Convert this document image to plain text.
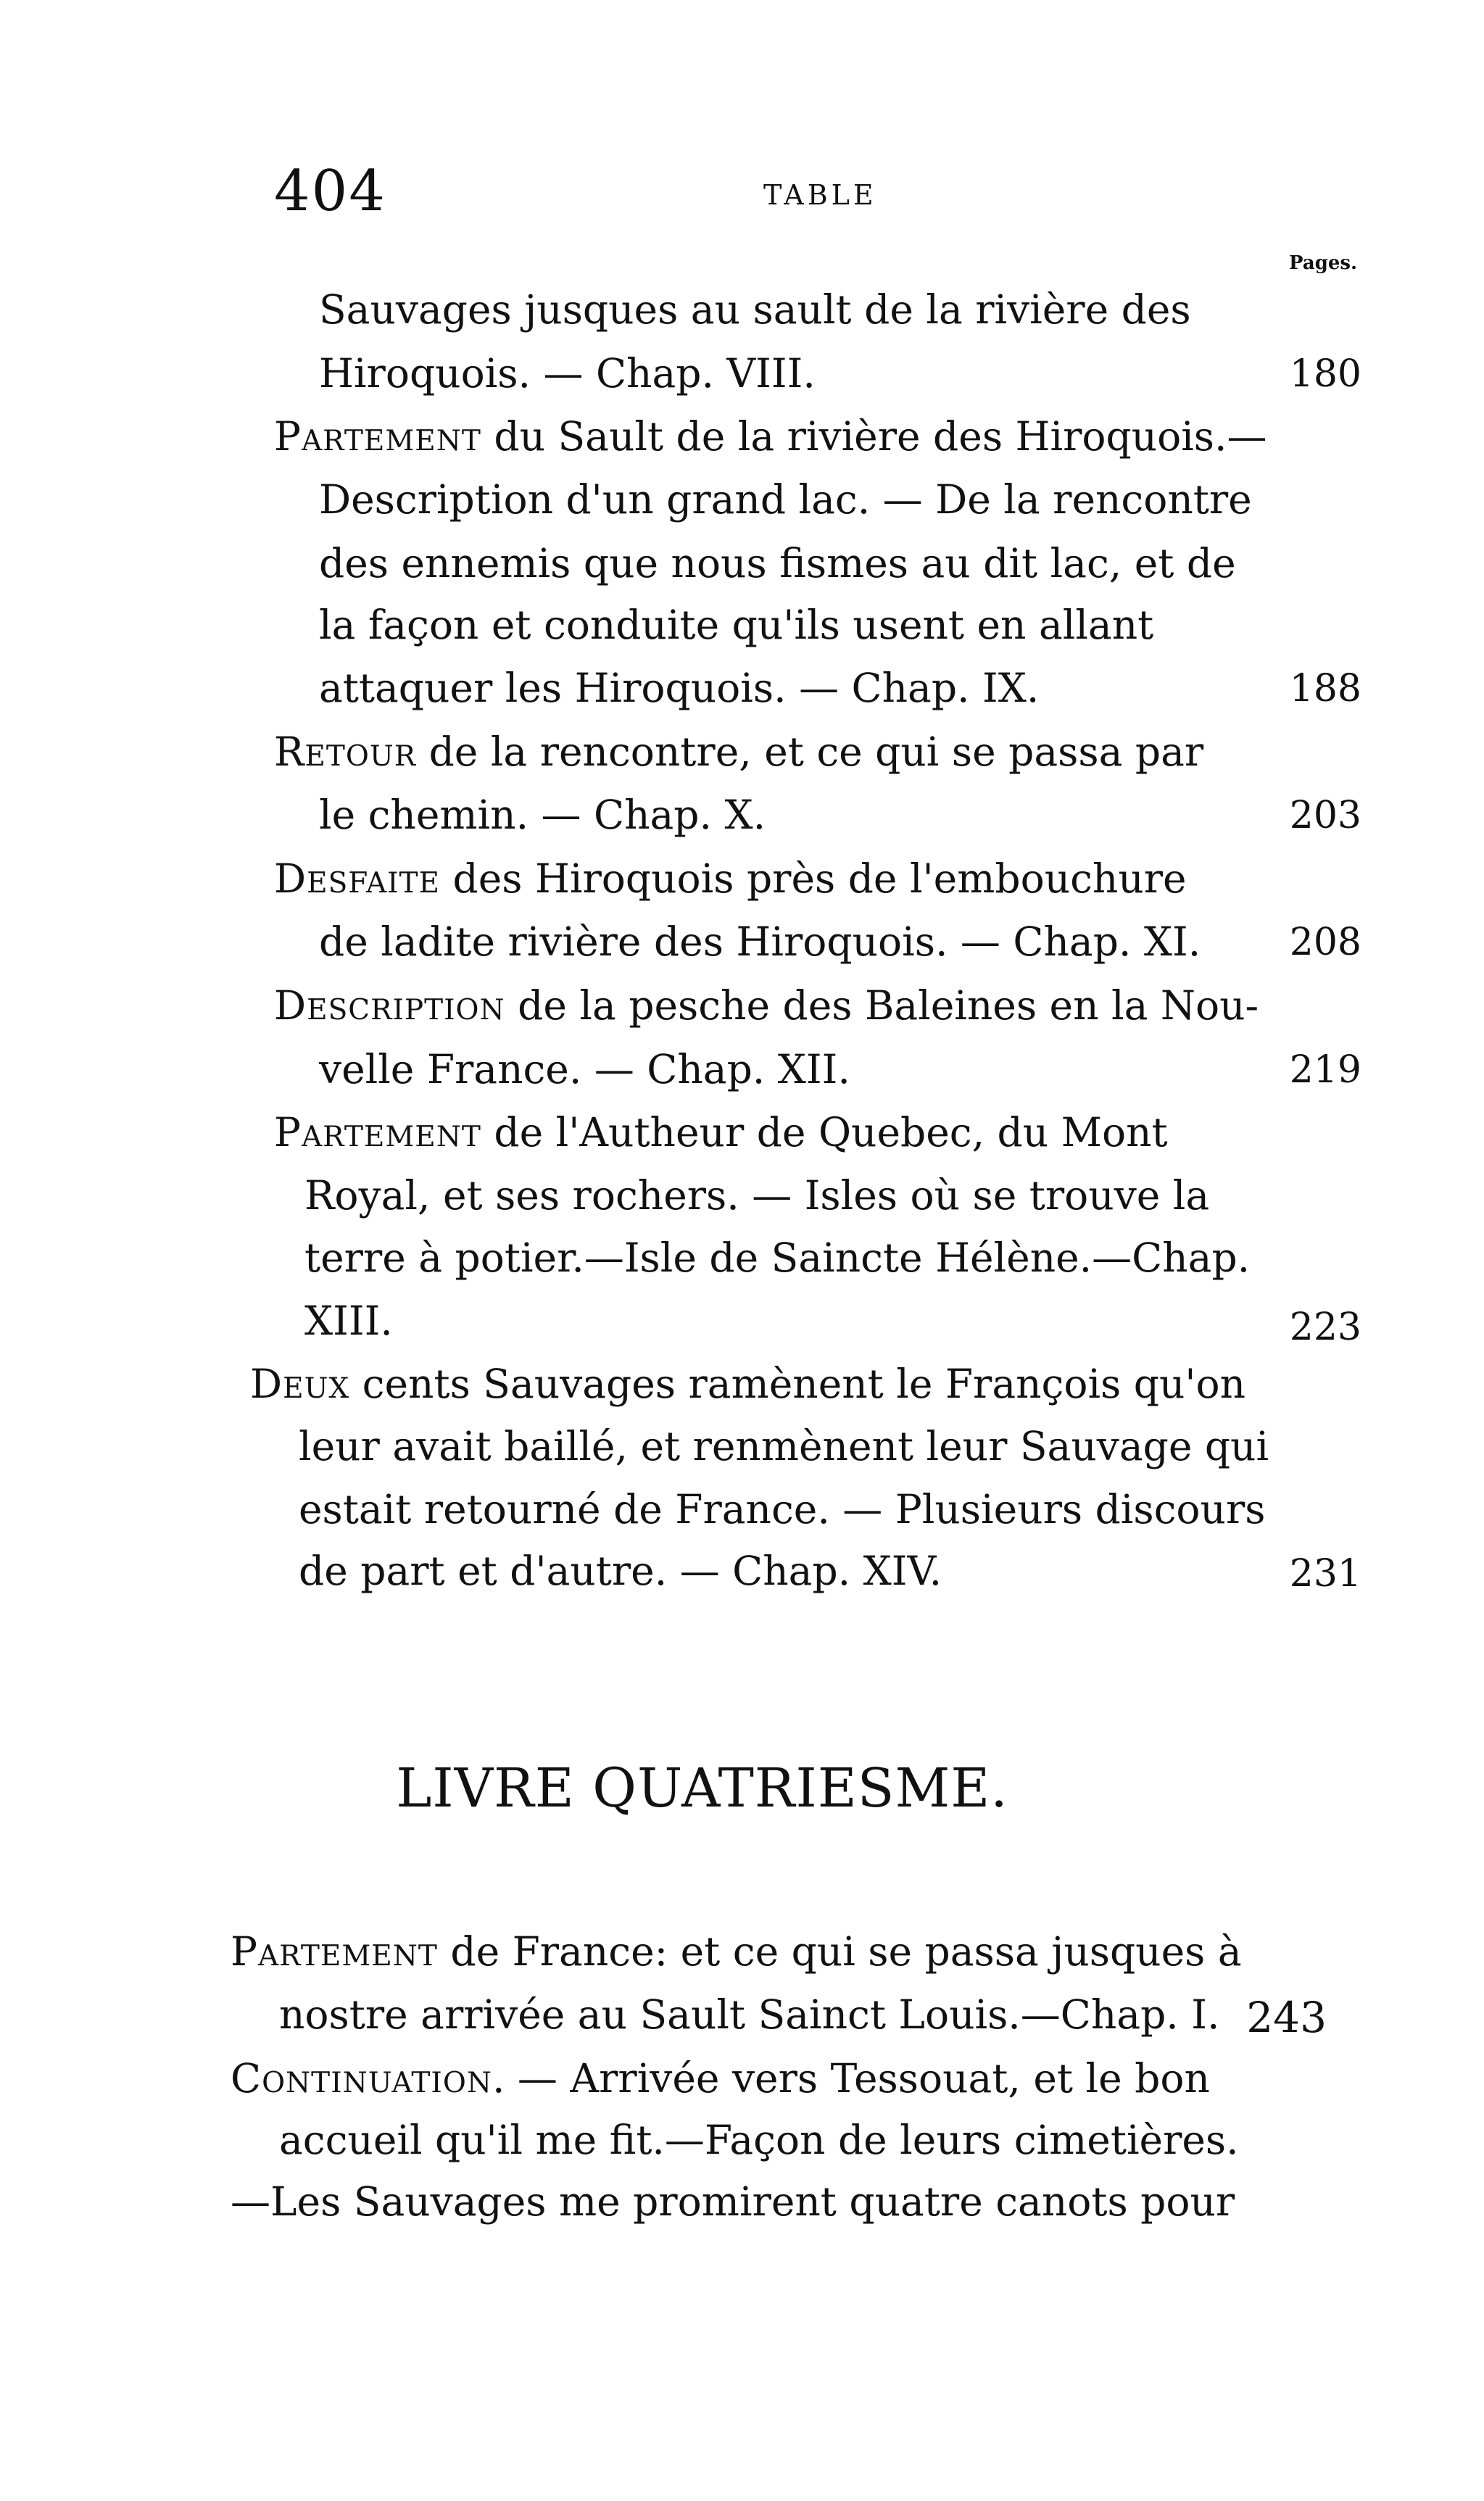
404	TABLE
Pages.
Sauvages jusques au sault de la rivière des
Hiroquois. — Chap. VIII.	180
Partement du Sault de la rivière des Hiroquois.—
Description d'un grand lac. — De la rencontre
des ennemis que nous fismes au dit lac, et de
la façon et conduite qu'ils usent en allant
attaquer les Hiroquois. — Chap. IX.	188
Retour de la rencontre, et ce qui se passa par
le chemin. — Chap. X.	203
Desfaite des Hiroquois près de l'embouchure
de ladite rivière des Hiroquois. — Chap. XI.	208
Description de la pesche des Baleines en la Nou-
velle France. — Chap. XII.	219
Partement de l'Autheur de Quebec, du Mont
Royal, et ses rochers. — Isles où se trouve la
terre à potier.—Isle de Saincte Hélène.—Chap.
XIII.	223
Deux cents Sauvages ramènent le François qu'on
leur avait baillé, et renmènent leur Sauvage qui
estait retourné de France. — Plusieurs discours
de part et d'autre. — Chap. XIV.	231
LIVRE QUATRIESME.
Partement de France: et ce qui se passa jusques à
nostre arrivée au Sault Sainct Louis.—Chap. I. 243
Continuation. — Arrivée vers Tessouat, et le bon
accueil qu'il me fit.—Façon de leurs cimetières.
—Les Sauvages me promirent quatre canots pour
